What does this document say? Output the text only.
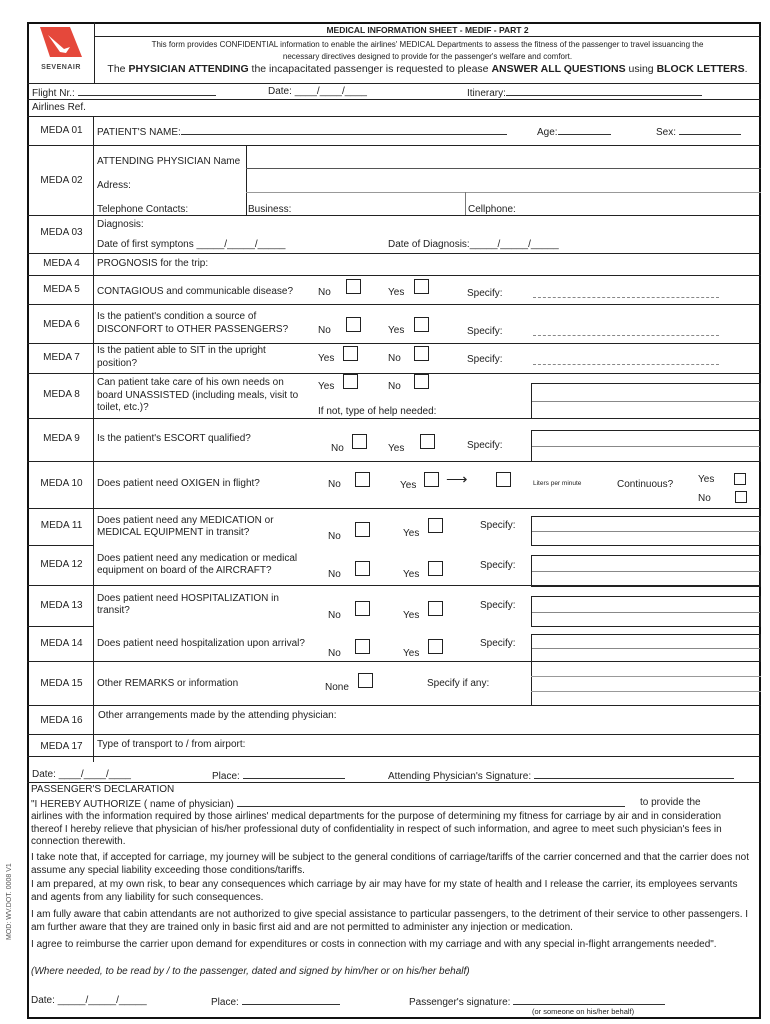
SEVENAIR
MEDICAL INFORMATION SHEET - MEDIF - PART 2
This form provides CONFIDENTIAL information to enable the airlines' MEDICAL Departments to assess the fitness of the passenger to travel issuancing the
necessary directives designed to provide for the passenger's welfare and comfort.
The PHYSICIAN ATTENDING the incapacitated passenger is requested to please ANSWER ALL QUESTIONS using BLOCK LETTERS.
Flight Nr.:	Date: ____/____/____	Itinerary:
Airlines Ref.
MEDA 01	PATIENT'S NAME:	Age:	Sex:
MEDA 02
ATTENDING PHYSICIAN Name
Adress:
Telephone Contacts:	Business:	Cellphone:
MEDA 03
Diagnosis:
Date of first symptons _____/_____/_____	Date of Diagnosis:_____/_____/_____
MEDA 4	PROGNOSIS for the trip:
MEDA 5	CONTAGIOUS and communicable disease? No	Yes	Specify:
MEDA 6
Is the patient's condition a source of
DISCONFORT to OTHER PASSENGERS?	No	Yes	Specify:
MEDA 7
Is the patient able to SIT in the upright
position?	Yes	No	Specify:
MEDA 8
Can patient take care of his own needs on
board UNASSISTED (including meals, visit to
toilet, etc.)?
Yes	No
If not, type of help needed:
MEDA 9	Is the patient's ESCORT qualified?
No	Yes	Specify:
MEDA 10	Does patient need OXIGEN in flight?	No	Yes ⟶	Liters per minute	Continuous? Yes
No
MEDA 11	Does patient need any MEDICATION or
MEDICAL EQUIPMENT in transit?	No	Yes
Specify:
MEDA 12
Does patient need any medication or medical
equipment on board of the AIRCRAFT?	No	Yes
Specify:
MEDA 13
Does patient need HOSPITALIZATION in
transit?	No	Yes
Specify:
MEDA 14	Does patient need hospitalization upon arrival?
No	Yes
Specify:
MEDA 15	Other REMARKS or information	None	Specify if any:
MEDA 16	Other arrangements made by the attending physician:
MEDA 17	Type of transport to / from airport:
Date: ____/____/____	Place:	Attending Physician's Signature:
PASSENGER'S DECLARATION
"I HEREBY AUTHORIZE ( name of physician)	to provide the
airlines with the information required by those airlines' medical departments for the purpose of determining my fitness for carriage by air and in consideration thereof I hereby relieve that physician of his/her professional duty of confidentiality in respect of such information, and agree to meet such physician's fees in connection therewith.
I take note that, if accepted for carriage, my journey will be subject to the general conditions of carriage/tariffs of the carrier concerned and that the carrier does not assume any special liability exceeding those conditions/tariffs.
I am prepared, at my own risk, to bear any consequences which carriage by air may have for my state of health and I release the carrier, its employees servants and agents from any liability for such consequences.
I am fully aware that cabin attendants are not authorized to give special assistance to particular passengers, to the detriment of their service to other passengers. I am further aware that they are trained only in basic first aid and are not permitted to administer any injection or medication.
I agree to reimburse the carrier upon demand for expenditures or costs in connection with my carriage and with any special in-flight arrangements needed".
(Where needed, to be read by / to the passenger, dated and signed by him/her or on his/her behalf)
Date: _____/_____/_____	Place:	Passenger's signature:
(or someone on his/her behalf)
MOD: WV.DOT. 0008 V1
